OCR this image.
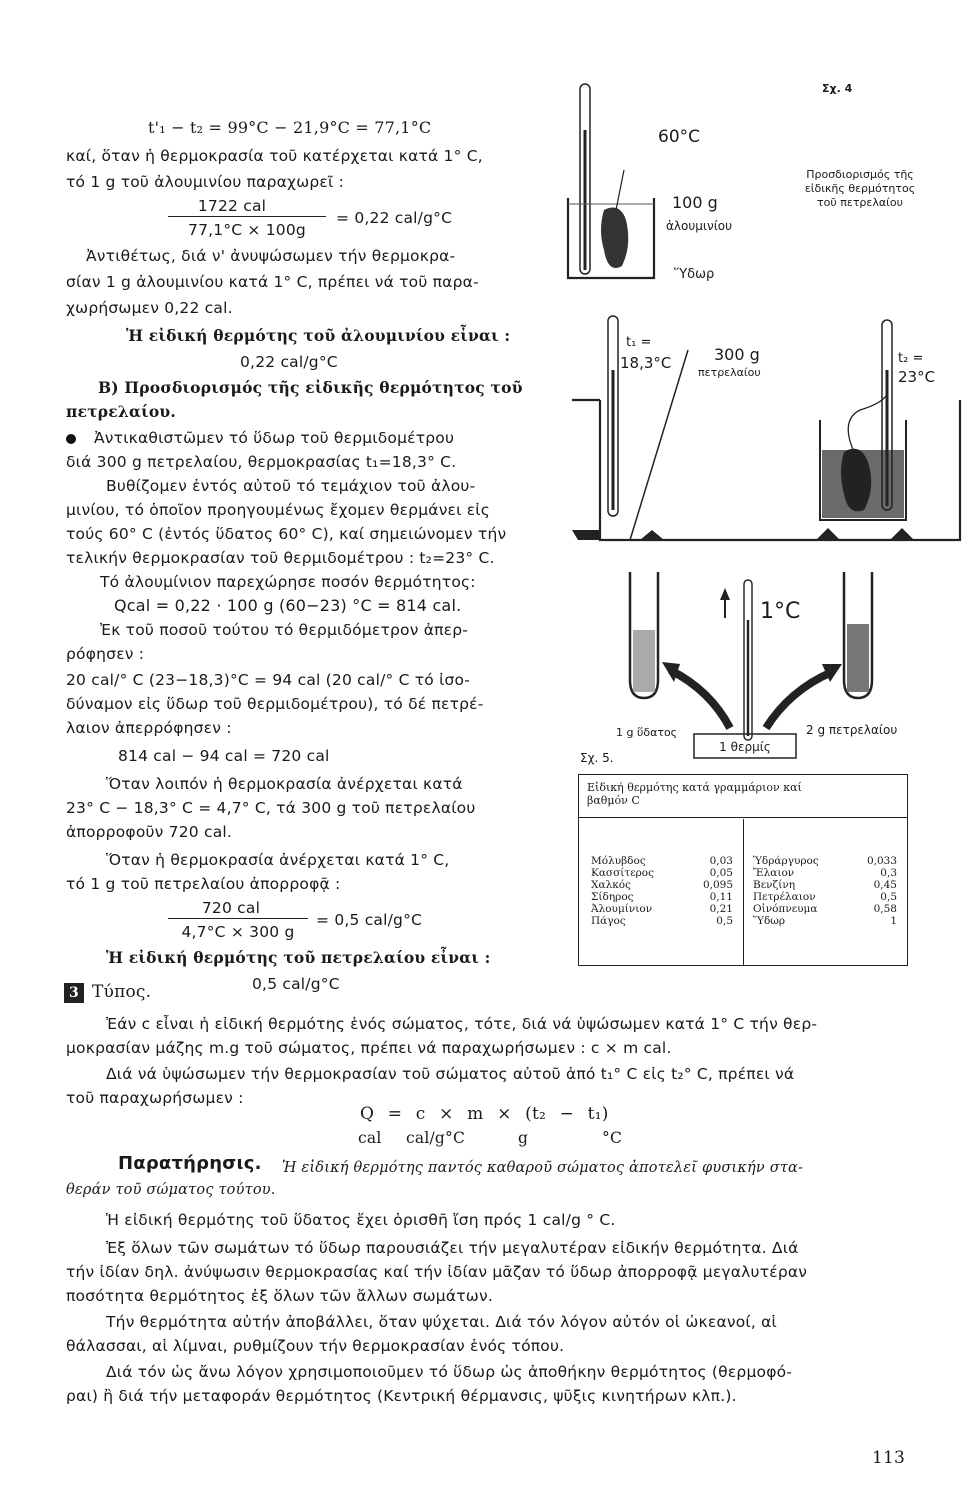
t'₁ − t₂ = 99°C − 21,9°C = 77,1°C
καί, ὅταν ἡ θερμοκρασία τοῦ κατέρχεται κατά 1° C,
τό 1 g τοῦ ἀλουμινίου παραχωρεῖ :
1722 cal
77,1°C × 100g
= 0,22 cal/g°C
Ἀντιθέτως, διά ν' ἀνυψώσωμεν τήν θερμοκρα-
σίαν 1 g ἀλουμινίου κατά 1° C, πρέπει νά τοῦ παρα-
χωρήσωμεν 0,22 cal.
Ἡ εἰδική θερμότης τοῦ ἀλουμινίου εἶναι :
0,22 cal/g°C
B) Προσδιορισμός τῆς εἰδικῆς θερμότητος τοῦ
πετρελαίου.
Ἀντικαθιστῶμεν τό ὕδωρ τοῦ θερμιδομέτρου
διά 300 g πετρελαίου, θερμοκρασίας t₁=18,3° C.
Βυθίζομεν ἐντός αὐτοῦ τό τεμάχιον τοῦ ἀλου-
μινίου, τό ὁποῖον προηγουμένως ἔχομεν θερμάνει εἰς
τούς 60° C (ἐντός ὕδατος 60° C), καί σημειώνομεν τήν
τελικήν θερμοκρασίαν τοῦ θερμιδομέτρου : t₂=23° C.
Τό ἀλουμίνιον παρεχώρησε ποσόν θερμότητος:
Qcal = 0,22 · 100 g (60−23) °C = 814 cal.
Ἐκ τοῦ ποσοῦ τούτου τό θερμιδόμετρον ἀπερ-
ρόφησεν :
20 cal/° C (23−18,3)°C = 94 cal (20 cal/° C τό ἰσο-
δύναμον εἰς ὕδωρ τοῦ θερμιδομέτρου), τό δέ πετρέ-
λαιον ἀπερρόφησεν :
814 cal − 94 cal = 720 cal
Ὅταν λοιπόν ἡ θερμοκρασία ἀνέρχεται κατά
23° C − 18,3° C = 4,7° C, τά 300 g τοῦ πετρελαίου
ἀπορροφοῦν 720 cal.
Ὅταν ἡ θερμοκρασία ἀνέρχεται κατά 1° C,
τό 1 g τοῦ πετρελαίου ἀπορροφᾷ :
720 cal
4,7°C × 300 g
= 0,5 cal/g°C
Ἡ εἰδική θερμότης τοῦ πετρελαίου εἶναι :
0,5 cal/g°C
60°C
100 g
ἀλουμινίου
Ὕδωρ
Σχ. 4
Προσδιορισμός τῆς
εἰδικῆς θερμότητος
τοῦ πετρελαίου
t₁ =
18,3°C	300 g
πετρελαίου
t₂ =
23°C
1°C
1 g ὕδατος	2 g πετρελαίου
Σχ. 5.
1 θερμίς
Εἰδική θερμότης κατά γραμμάριον καί
βαθμόν C
Μόλυβδος	0,03
Κασσίτερος	0,05
Χαλκός	0,095
Σίδηρος	0,11
Ἀλουμίνιον	0,21
Πάγος	0,5
Ὑδράργυρος	0,033
Ἔλαιον	0,3
Βενζίνη	0,45
Πετρέλαιον	0,5
Οἰνόπνευμα	0,58
Ὕδωρ	1
3 Τύπος.
Ἐάν c εἶναι ἡ εἰδική θερμότης ἑνός σώματος, τότε, διά νά ὑψώσωμεν κατά 1° C τήν θερ-
μοκρασίαν μάζης m.g τοῦ σώματος, πρέπει νά παραχωρήσωμεν : c × m cal.
Διά νά ὑψώσωμεν τήν θερμοκρασίαν τοῦ σώματος αὐτοῦ ἀπό t₁° C εἰς t₂° C, πρέπει νά
τοῦ παραχωρήσωμεν :
Q = c × m × (t₂ − t₁)
cal cal/g°C	g	°C
Παρατήρησις. Ἡ εἰδική θερμότης παντός καθαροῦ σώματος ἀποτελεῖ φυσικήν στα-
θεράν τοῦ σώματος τούτου.
Ἡ εἰδική θερμότης τοῦ ὕδατος ἔχει ὁρισθῆ ἴση πρός 1 cal/g ° C.
Ἐξ ὅλων τῶν σωμάτων τό ὕδωρ παρουσιάζει τήν μεγαλυτέραν εἰδικήν θερμότητα. Διά
τήν ἰδίαν δηλ. ἀνύψωσιν θερμοκρασίας καί τήν ἰδίαν μᾶζαν τό ὕδωρ ἀπορροφᾷ μεγαλυτέραν
ποσότητα θερμότητος ἐξ ὅλων τῶν ἄλλων σωμάτων.
Τήν θερμότητα αὐτήν ἀποβάλλει, ὅταν ψύχεται. Διά τόν λόγον αὐτόν οἱ ὠκεανοί, αἱ
θάλασσαι, αἱ λίμναι, ρυθμίζουν τήν θερμοκρασίαν ἑνός τόπου.
Διά τόν ὡς ἄνω λόγον χρησιμοποιοῦμεν τό ὕδωρ ὡς ἀποθήκην θερμότητος (θερμοφό-
ραι) ἢ διά τήν μεταφοράν θερμότητος (Κεντρική θέρμανσις, ψῦξις κινητήρων κλπ.).
113
